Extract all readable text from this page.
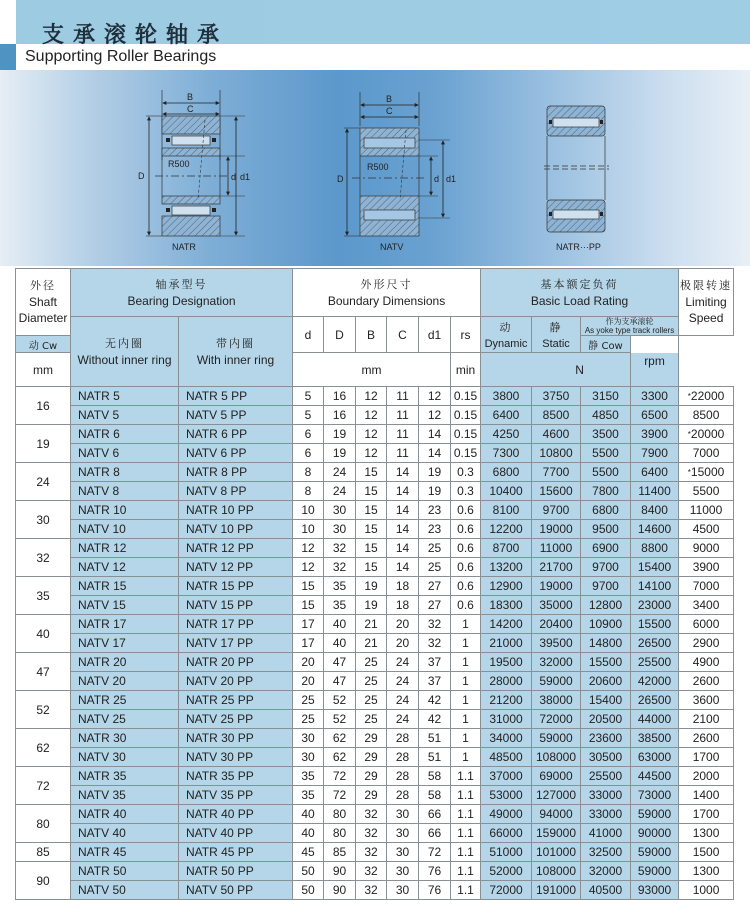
支承滚轮轴承
Supporting Roller Bearings
B
C
R500
D	d d1
NATR
B
C
R500
D	d d1
NATV	NATR···PP
外径
Shaft
Diameter	轴承型号
Bearing Designation		外形尺寸
Boundary Dimensions						基本额定负荷
Basic Load Rating				极限转速
Limiting
Speed

	无内圈
Without inner ring	带内圈
With inner ring	d	D	B	C	d1	rs	动
Dynamic	静
Static	作为支承滚轮
As yoke type track rollers		

动 Cw											静 Cow	rpm	
mm			mm					min	N				
16	NATR 5	NATR 5 PP	5	16	12	11	12	0.15	3800	3750	3150	3300	*22000
	NATV 5	NATV 5 PP	5	16	12	11	12	0.15	6400	8500	4850	6500	8500
19	NATR 6	NATR 6 PP	6	19	12	11	14	0.15	4250	4600	3500	3900	*20000
	NATV 6	NATV 6 PP	6	19	12	11	14	0.15	7300	10800	5500	7900	7000
24	NATR 8	NATR 8 PP	8	24	15	14	19	0.3	6800	7700	5500	6400	*15000
	NATV 8	NATV 8 PP	8	24	15	14	19	0.3	10400	15600	7800	11400	5500
30	NATR 10	NATR 10 PP	10	30	15	14	23	0.6	8100	9700	6800	8400	11000
	NATV 10	NATV 10 PP	10	30	15	14	23	0.6	12200	19000	9500	14600	4500
32	NATR 12	NATR 12 PP	12	32	15	14	25	0.6	8700	11000	6900	8800	9000
	NATV 12	NATV 12 PP	12	32	15	14	25	0.6	13200	21700	9700	15400	3900
35	NATR 15	NATR 15 PP	15	35	19	18	27	0.6	12900	19000	9700	14100	7000
	NATV 15	NATV 15 PP	15	35	19	18	27	0.6	18300	35000	12800	23000	3400
40	NATR 17	NATR 17 PP	17	40	21	20	32	1	14200	20400	10900	15500	6000
	NATV 17	NATV 17 PP	17	40	21	20	32	1	21000	39500	14800	26500	2900
47	NATR 20	NATR 20 PP	20	47	25	24	37	1	19500	32000	15500	25500	4900
	NATV 20	NATV 20 PP	20	47	25	24	37	1	28000	59000	20600	42000	2600
52	NATR 25	NATR 25 PP	25	52	25	24	42	1	21200	38000	15400	26500	3600
	NATV 25	NATV 25 PP	25	52	25	24	42	1	31000	72000	20500	44000	2100
62	NATR 30	NATR 30 PP	30	62	29	28	51	1	34000	59000	23600	38500	2600
	NATV 30	NATV 30 PP	30	62	29	28	51	1	48500	108000	30500	63000	1700
72	NATR 35	NATR 35 PP	35	72	29	28	58	1.1	37000	69000	25500	44500	2000
	NATV 35	NATV 35 PP	35	72	29	28	58	1.1	53000	127000	33000	73000	1400
80	NATR 40	NATR 40 PP	40	80	32	30	66	1.1	49000	94000	33000	59000	1700
	NATV 40	NATV 40 PP	40	80	32	30	66	1.1	66000	159000	41000	90000	1300
85	NATR 45	NATR 45 PP	45	85	32	30	72	1.1	51000	101000	32500	59000	1500
90	NATR 50	NATR 50 PP	50	90	32	30	76	1.1	52000	108000	32000	59000	1300
	NATV 50	NATV 50 PP	50	90	32	30	76	1.1	72000	191000	40500	93000	1000
